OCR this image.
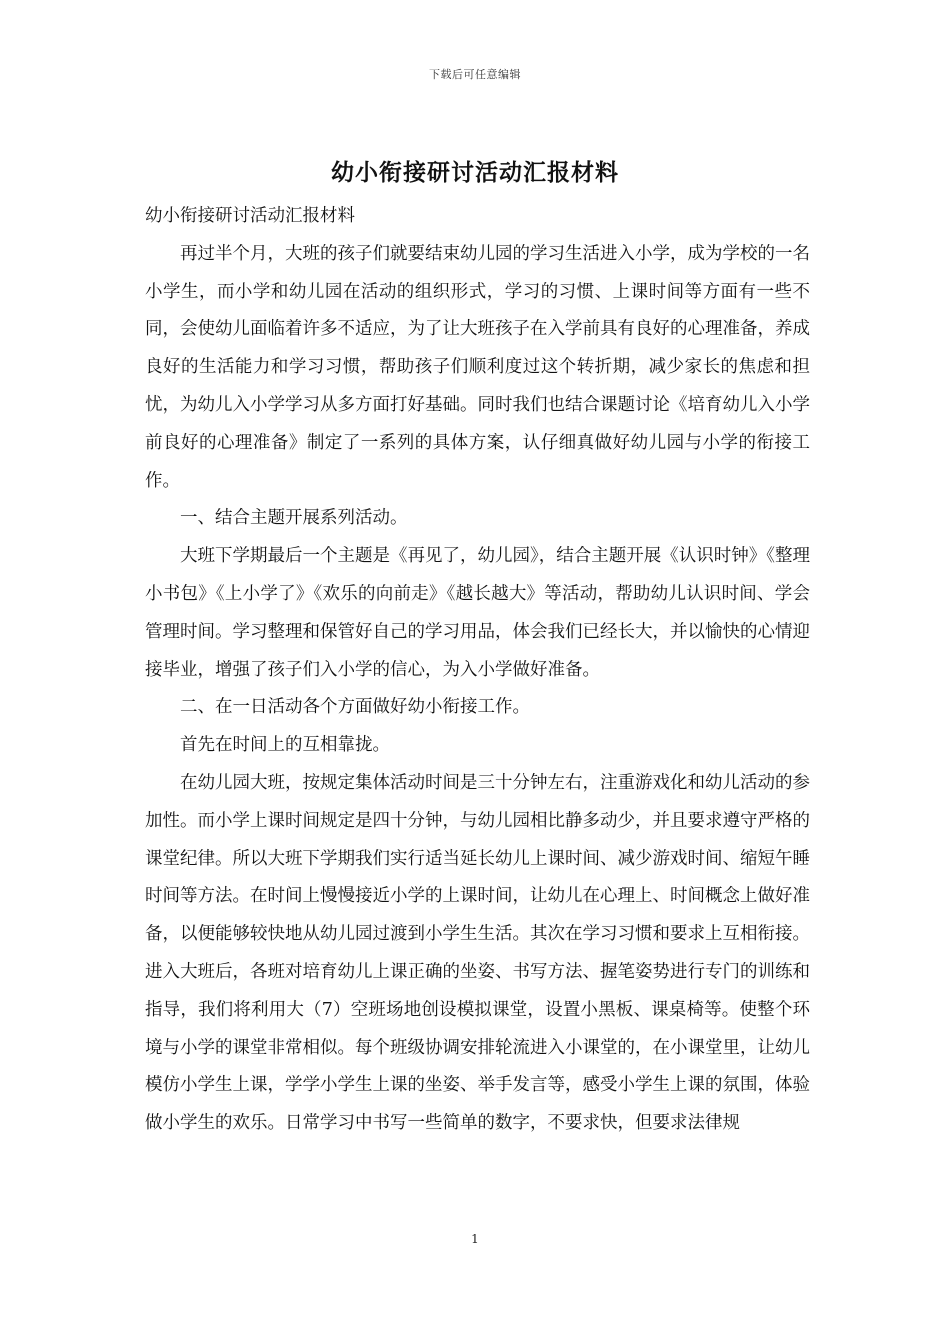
下载后可任意编辑
幼小衔接研讨活动汇报材料

幼小衔接研讨活动汇报材料

再过半个月，大班的孩子们就要结束幼儿园的学习生活进入小学，成为学校的一名小学生，而小学和幼儿园在活动的组织形式，学习的习惯、上课时间等方面有一些不同，会使幼儿面临着许多不适应，为了让大班孩子在入学前具有良好的心理准备，养成良好的生活能力和学习习惯，帮助孩子们顺利度过这个转折期，减少家长的焦虑和担忧，为幼儿入小学学习从多方面打好基础。同时我们也结合课题讨论《培育幼儿入小学前良好的心理准备》制定了一系列的具体方案，认仔细真做好幼儿园与小学的衔接工作。

一、结合主题开展系列活动。

大班下学期最后一个主题是《再见了，幼儿园》，结合主题开展《认识时钟》《整理小书包》《上小学了》《欢乐的向前走》《越长越大》等活动，帮助幼儿认识时间、学会管理时间。学习整理和保管好自己的学习用品，体会我们已经长大，并以愉快的心情迎接毕业，增强了孩子们入小学的信心，为入小学做好准备。

二、在一日活动各个方面做好幼小衔接工作。

首先在时间上的互相靠拢。

在幼儿园大班，按规定集体活动时间是三十分钟左右，注重游戏化和幼儿活动的参加性。而小学上课时间规定是四十分钟，与幼儿园相比静多动少，并且要求遵守严格的课堂纪律。所以大班下学期我们实行适当延长幼儿上课时间、减少游戏时间、缩短午睡时间等方法。在时间上慢慢接近小学的上课时间，让幼儿在心理上、时间概念上做好准备，以便能够较快地从幼儿园过渡到小学生生活。其次在学习习惯和要求上互相衔接。进入大班后，各班对培育幼儿上课正确的坐姿、书写方法、握笔姿势进行专门的训练和指导，我们将利用大（7）空班场地创设模拟课堂，设置小黑板、课桌椅等。使整个环境与小学的课堂非常相似。每个班级协调安排轮流进入小课堂的，在小课堂里，让幼儿模仿小学生上课，学学小学生上课的坐姿、举手发言等，感受小学生上课的氛围，体验做小学生的欢乐。日常学习中书写一些简单的数字，不要求快，但要求法律规

1
